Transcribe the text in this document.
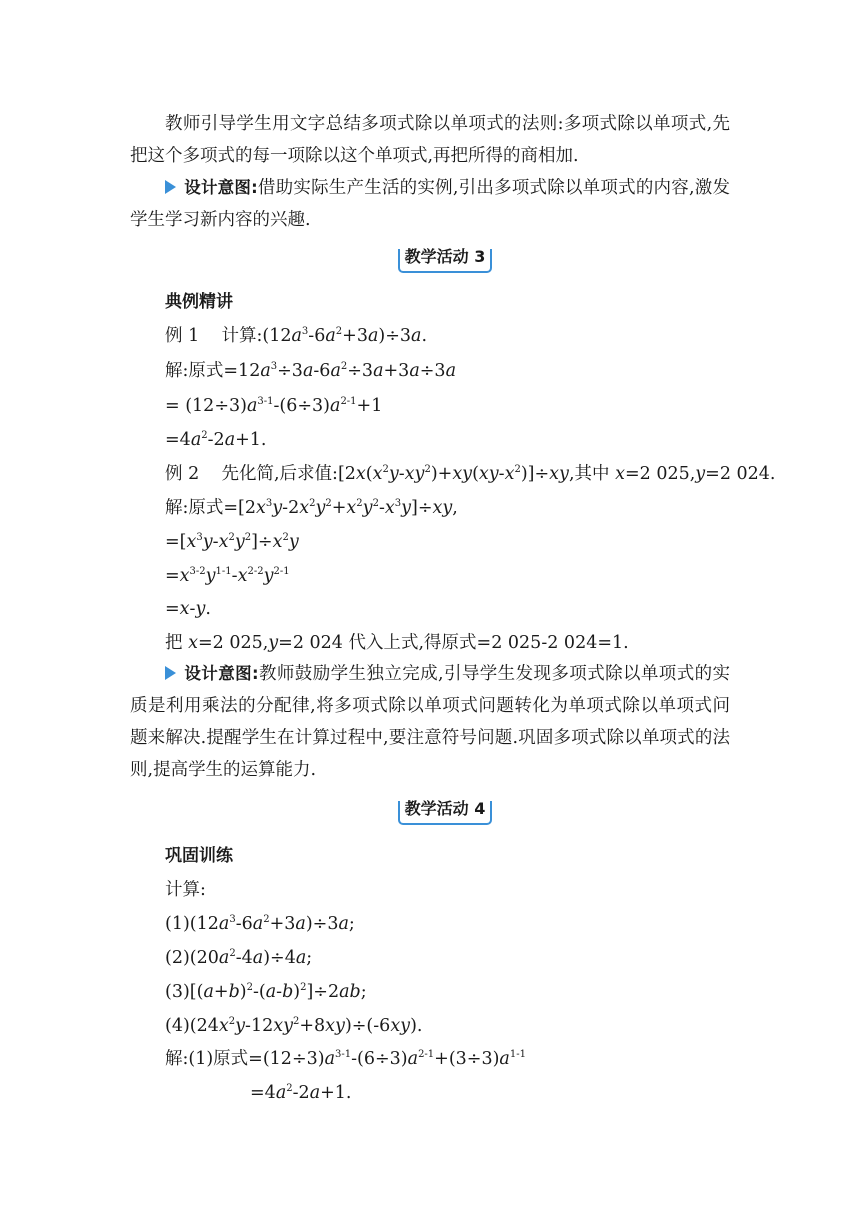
教师引导学生用文字总结多项式除以单项式的法则:多项式除以单项式,先把这个多项式的每一项除以这个单项式,再把所得的商相加.

设计意图:借助实际生产生活的实例,引出多项式除以单项式的内容,激发学生学习新内容的兴趣.

教学活动 3
典例精讲
例 1 计算$:(12a^3-6a^2+3a)\div 3a$.
解:原式$=12a^3\div 3a-6a^2\div 3a+3a\div 3a$
= $(12\div 3)a^{3-1}-(6\div 3)a^{2-1}+1$
$=4a^2-2a+1$.
例 2 先化简,后求值$:[2x(x^2y-xy^2)+xy(xy-x^2)]\div xy$,其中 x=2 025,y=2 024.
解:原式$=[2x^3y-2x^2y^2+x^2y^2-x^3y]\div xy$,
$=[x^3y-x^2y^2]\div x^2y$
$=x^{3-2}y^{1-1}-x^{2-2}y^{2-1}$
=x-y.
把 x=2 025,y=2 024 代入上式,得原式=2 025-2 024=1.

设计意图:教师鼓励学生独立完成,引导学生发现多项式除以单项式的实质是利用乘法的分配律,将多项式除以单项式问题转化为单项式除以单项式问题来解决.提醒学生在计算过程中,要注意符号问题.巩固多项式除以单项式的法则,提高学生的运算能力.

教学活动 4
巩固训练
计算:
$(1)(12a^3-6a^2+3a)\div 3a$;
$(2)(20a^2-4a)\div 4a$;
$(3)[(a+b)^2-(a-b)^2]\div 2ab$;
$(4)(24x^2y-12xy^2+8xy)\div(-6xy)$.
解:(1)原式$=(12\div 3)a^{3-1}-(6\div 3)a^{2-1}+(3\div 3)a^{1-1}$
$=4a^2-2a+1$.
